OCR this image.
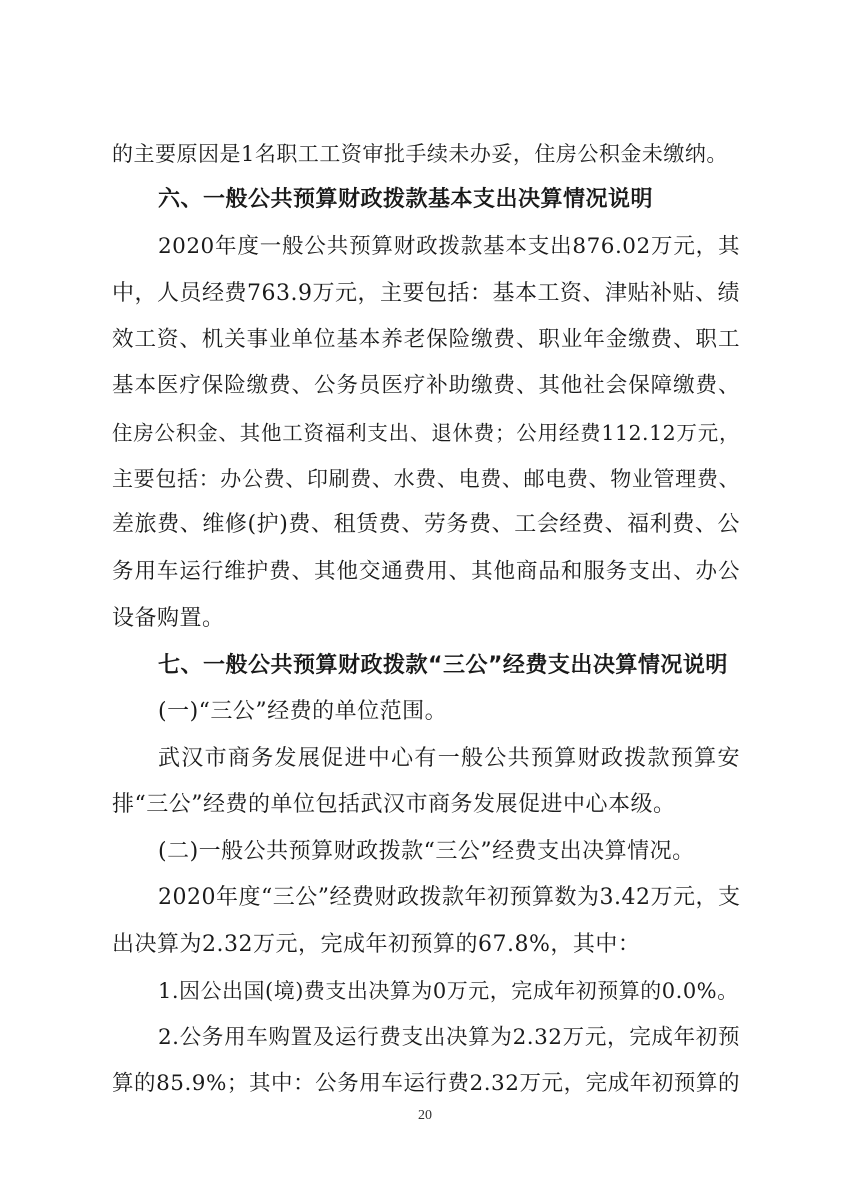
的主要原因是1名职工工资审批手续未办妥，住房公积金未缴纳。
六、一般公共预算财政拨款基本支出决算情况说明
2020年度一般公共预算财政拨款基本支出876.02万元，其
中，人员经费763.9万元，主要包括：基本工资、津贴补贴、绩
效工资、机关事业单位基本养老保险缴费、职业年金缴费、职工
基本医疗保险缴费、公务员医疗补助缴费、其他社会保障缴费、
住房公积金、其他工资福利支出、退休费；公用经费112.12万元，
主要包括：办公费、印刷费、水费、电费、邮电费、物业管理费、
差旅费、维修(护)费、租赁费、劳务费、工会经费、福利费、公
务用车运行维护费、其他交通费用、其他商品和服务支出、办公
设备购置。
七、一般公共预算财政拨款“三公”经费支出决算情况说明
(一)“三公”经费的单位范围。
武汉市商务发展促进中心有一般公共预算财政拨款预算安
排“三公”经费的单位包括武汉市商务发展促进中心本级。
(二)一般公共预算财政拨款“三公”经费支出决算情况。
2020年度“三公”经费财政拨款年初预算数为3.42万元，支
出决算为2.32万元，完成年初预算的67.8%，其中：
1.因公出国(境)费支出决算为0万元，完成年初预算的0.0%。
2.公务用车购置及运行费支出决算为2.32万元，完成年初预
算的85.9%；其中：公务用车运行费2.32万元，完成年初预算的
20
